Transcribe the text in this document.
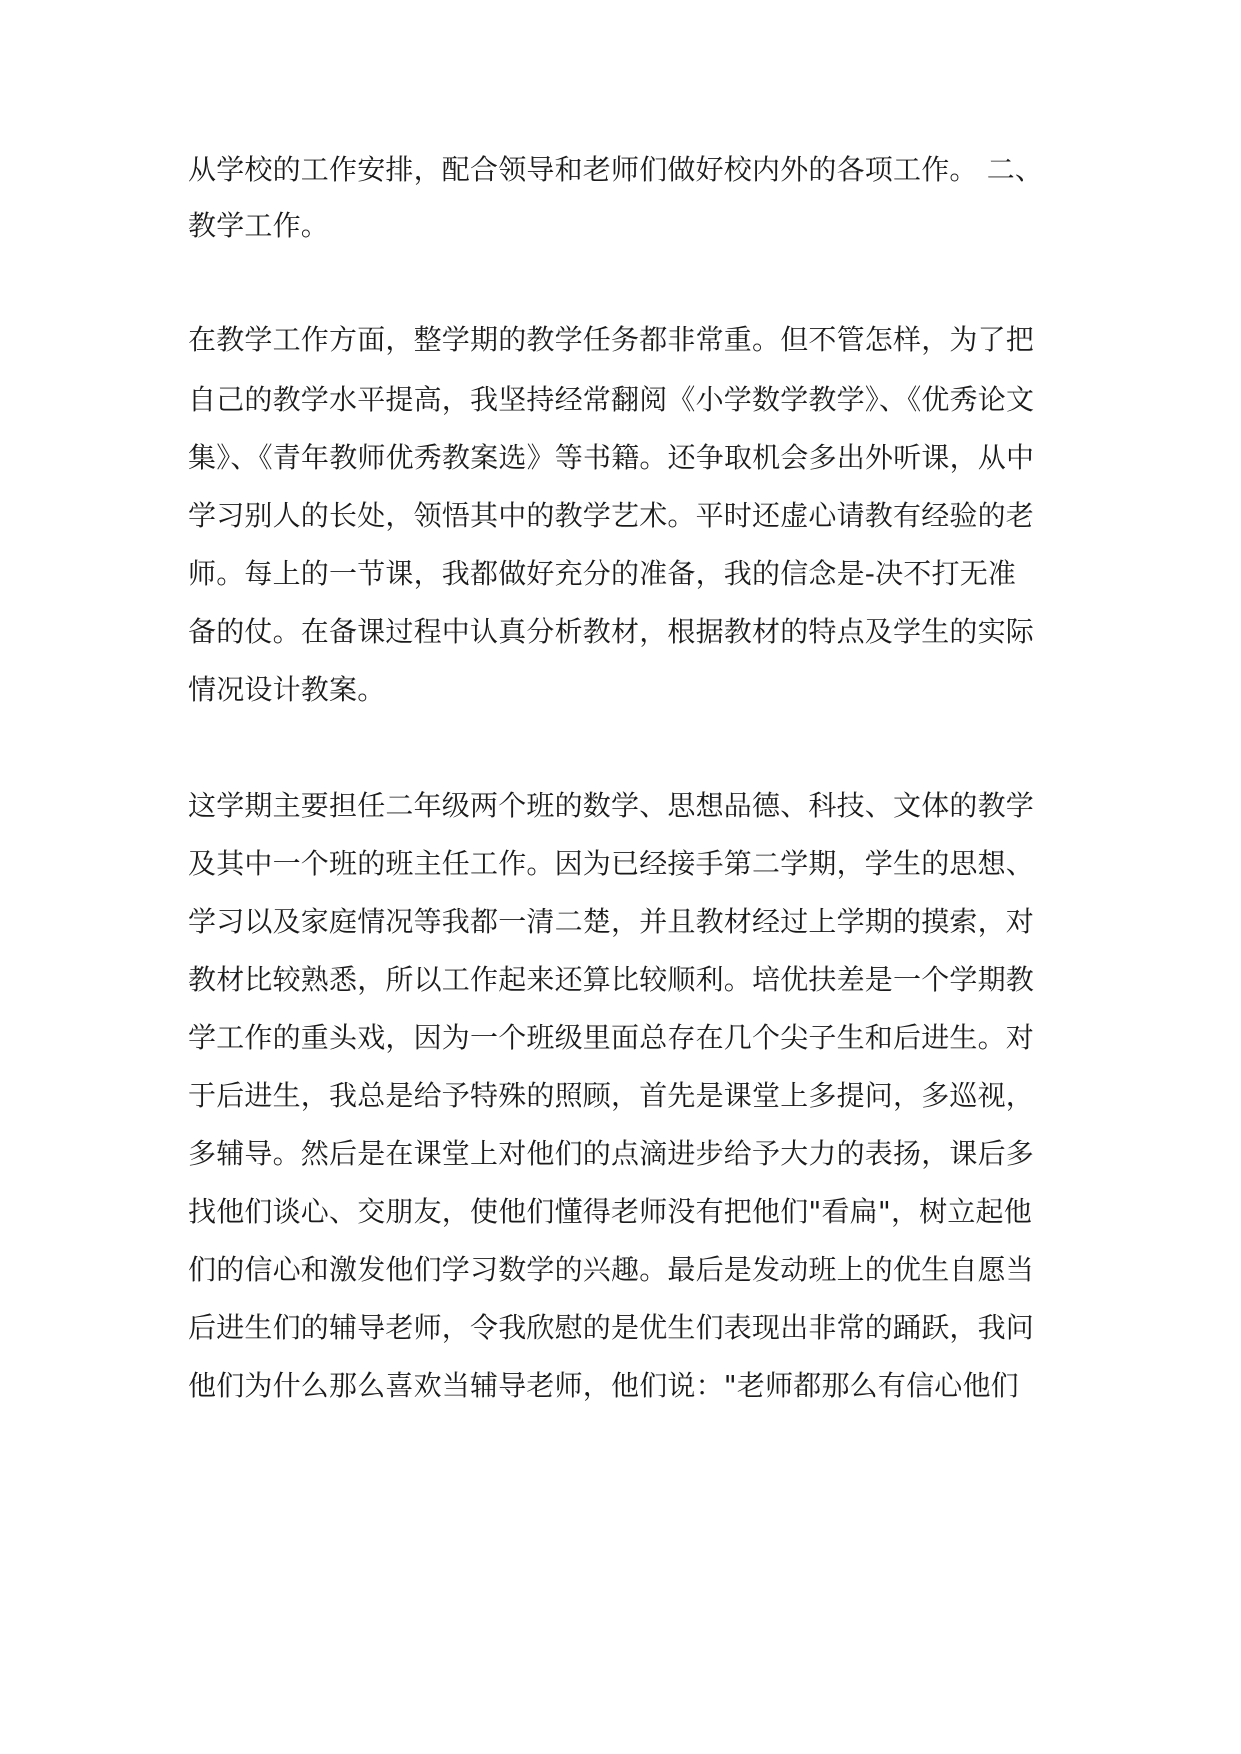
从学校的工作安排，配合领导和老师们做好校内外的各项工作。 二、
教学工作。
在教学工作方面，整学期的教学任务都非常重。但不管怎样，为了把
自己的教学水平提高，我坚持经常翻阅《小学数学教学》、《优秀论文
集》、《青年教师优秀教案选》等书籍。还争取机会多出外听课，从中
学习别人的长处，领悟其中的教学艺术。平时还虚心请教有经验的老
师。每上的一节课，我都做好充分的准备，我的信念是-决不打无准
备的仗。在备课过程中认真分析教材，根据教材的特点及学生的实际
情况设计教案。
这学期主要担任二年级两个班的数学、思想品德、科技、文体的教学
及其中一个班的班主任工作。因为已经接手第二学期，学生的思想、
学习以及家庭情况等我都一清二楚，并且教材经过上学期的摸索，对
教材比较熟悉，所以工作起来还算比较顺利。培优扶差是一个学期教
学工作的重头戏，因为一个班级里面总存在几个尖子生和后进生。对
于后进生，我总是给予特殊的照顾，首先是课堂上多提问，多巡视，
多辅导。然后是在课堂上对他们的点滴进步给予大力的表扬，课后多
找他们谈心、交朋友，使他们懂得老师没有把他们"看扁"，树立起他
们的信心和激发他们学习数学的兴趣。最后是发动班上的优生自愿当
后进生们的辅导老师，令我欣慰的是优生们表现出非常的踊跃，我问
他们为什么那么喜欢当辅导老师，他们说："老师都那么有信心他们
